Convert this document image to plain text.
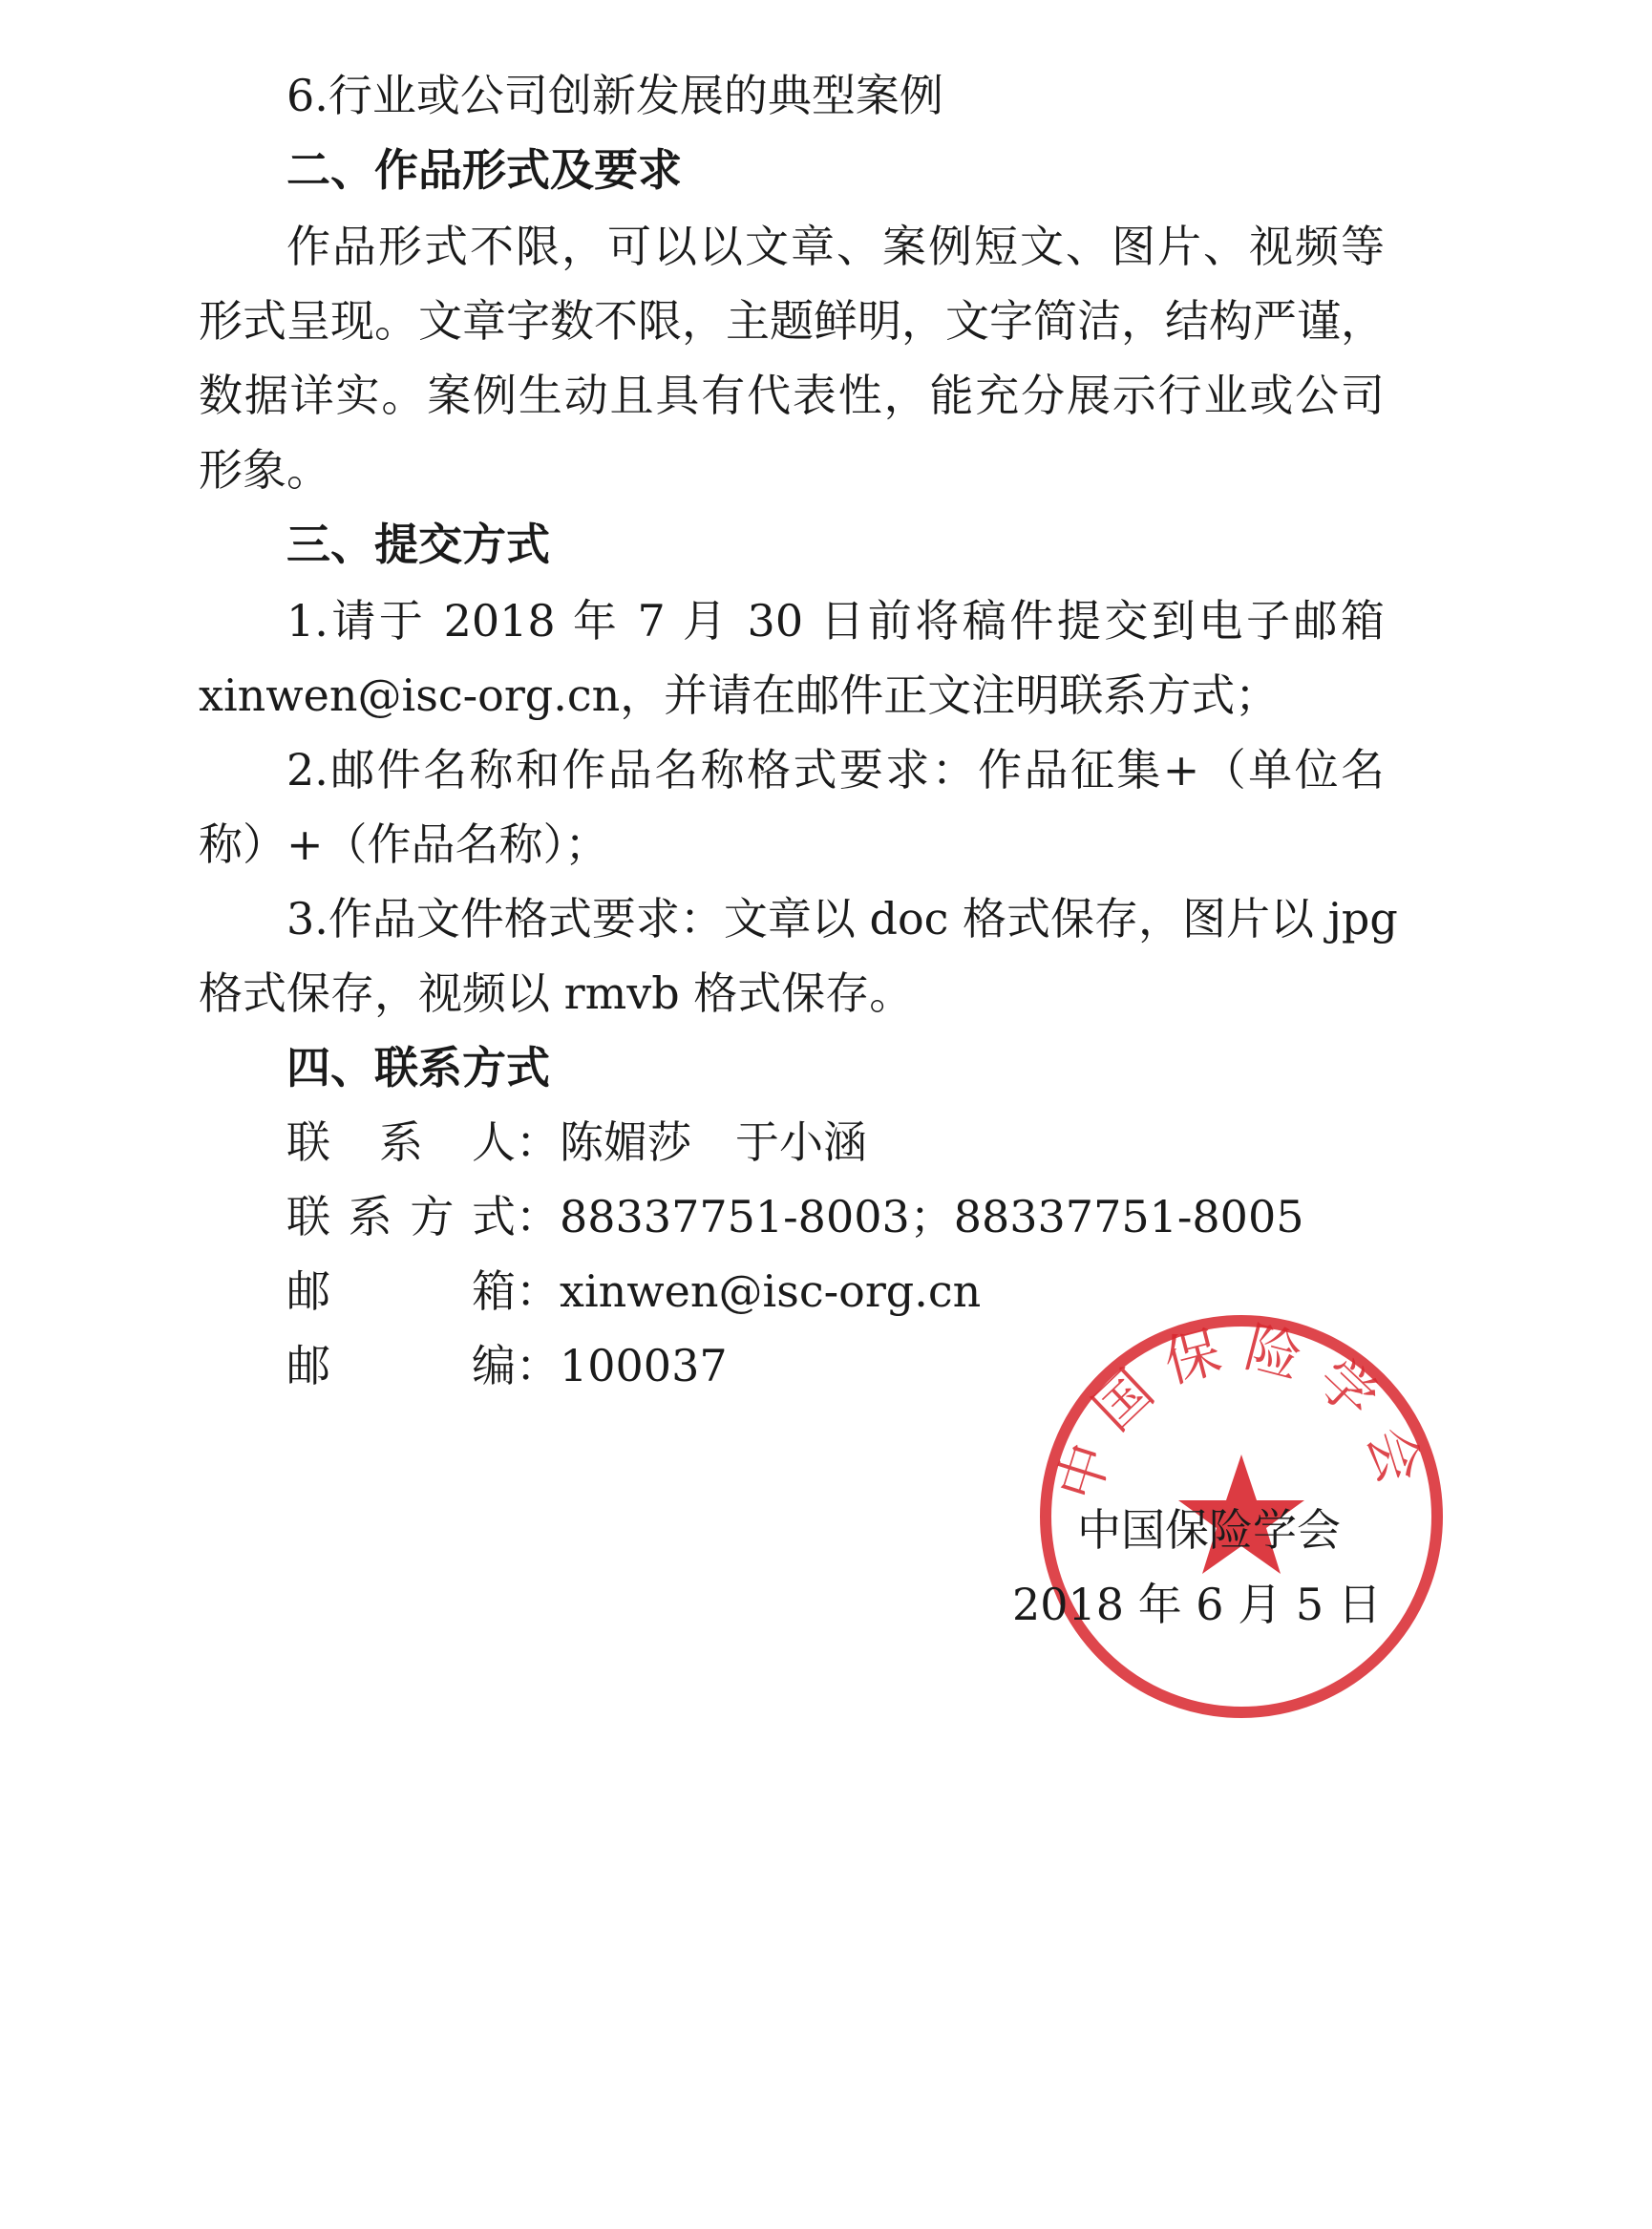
6.行业或公司创新发展的典型案例
二、作品形式及要求
作品形式不限，可以以文章、案例短文、图片、视频等
形式呈现。文章字数不限，主题鲜明，文字简洁，结构严谨，
数据详实。案例生动且具有代表性，能充分展示行业或公司
形象。
三、提交方式
1.请于 2018 年 7 月 30 日前将稿件提交到电子邮箱
xinwen@isc-org.cn，并请在邮件正文注明联系方式；
2.邮件名称和作品名称格式要求：作品征集+（单位名
称）+（作品名称）；
3.作品文件格式要求：文章以 doc 格式保存，图片以 jpg
格式保存，视频以 rmvb 格式保存。
四、联系方式
联系人：陈媚莎　于小涵
联系方式：88337751-8003；88337751-8005
邮箱：xinwen@isc-org.cn
邮编：100037
中国保险学会
中国保险学会
2018 年 6 月 5 日
